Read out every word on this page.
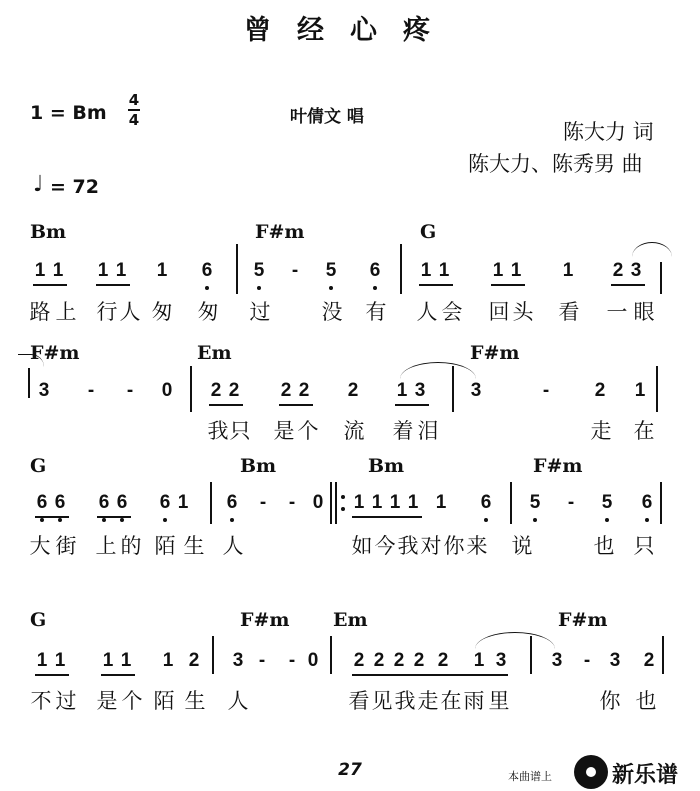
曾经心疼
1 = Bm
4
4	叶倩文 唱
陈大力 词
陈大力、陈秀男 曲
♩ = 72
Bm	F#m	G
1 1 1 1 1 6 5	-	5 6 1 1 1 1 1 2 3
路 上 行 人 匆 匆 过 没 有 人 会 回 头 看 一 眼
F#m	Em	F#m
3	-	-	0 2 2 2 2 2 1 3 3	-	2 1
我 只 是 个 流 着 泪	走 在
G	Bm	Bm	F#m
6 6 6 6 6 1 6	-	- 0 1 1 1 1 1 6 5	-	5 6
大 街 上 的 陌 生 人	如 今 我 对 你 来 说	也 只
G	F#m Em	F#m
1 1 1 1 1 2 3 -	- 0 2 2 2 2 2 1 3 3	-	3 2
不 过 是 个 陌 生 人	看 见 我 走 在 雨 里	你 也
27	本曲谱上	新乐谱
